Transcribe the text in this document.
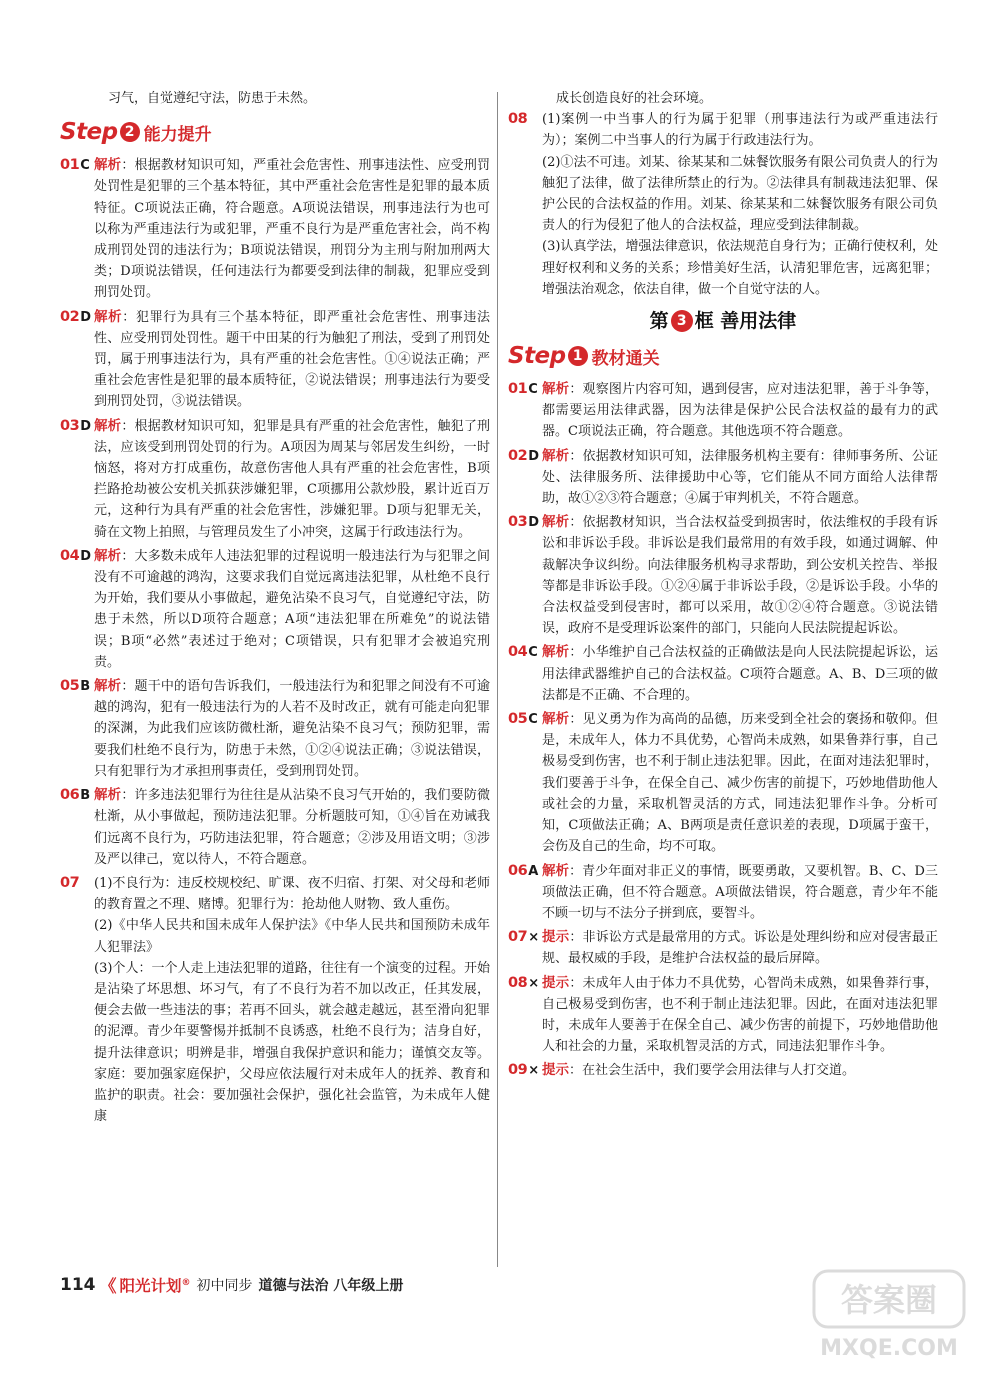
习气，自觉遵纪守法，防患于未然。

Step 2 能力提升
01C 解析：根据教材知识可知，严重社会危害性、刑事违法性、应受刑罚处罚性是犯罪的三个基本特征，其中严重社会危害性是犯罪的最本质特征。C项说法正确，符合题意。A项说法错误，刑事违法行为也可以称为严重违法行为或犯罪，严重不良行为是严重危害社会，尚不构成刑罚处罚的违法行为；B项说法错误，刑罚分为主刑与附加刑两大类；D项说法错误，任何违法行为都要受到法律的制裁，犯罪应受到刑罚处罚。
02D 解析：犯罪行为具有三个基本特征，即严重社会危害性、刑事违法性、应受刑罚处罚性。题干中田某的行为触犯了刑法，受到了刑罚处罚，属于刑事违法行为，具有严重的社会危害性。①④说法正确；严重社会危害性是犯罪的最本质特征，②说法错误；刑事违法行为要受到刑罚处罚，③说法错误。
03D 解析：根据教材知识可知，犯罪是具有严重的社会危害性，触犯了刑法，应该受到刑罚处罚的行为。A项因为周某与邻居发生纠纷，一时恼怒，将对方打成重伤，故意伤害他人具有严重的社会危害性，B项拦路抢劫被公安机关抓获涉嫌犯罪，C项挪用公款炒股，累计近百万元，这种行为具有严重的社会危害性，涉嫌犯罪。D项与犯罪无关，骑在文物上拍照，与管理员发生了小冲突，这属于行政违法行为。
04D 解析：大多数未成年人违法犯罪的过程说明一般违法行为与犯罪之间没有不可逾越的鸿沟，这要求我们自觉远离违法犯罪，从杜绝不良行为开始，我们要从小事做起，避免沾染不良习气，自觉遵纪守法，防患于未然，所以D项符合题意；A项“违法犯罪在所难免”的说法错误；B项“必然”表述过于绝对；C项错误，只有犯罪才会被追究刑责。
05B 解析：题干中的语句告诉我们，一般违法行为和犯罪之间没有不可逾越的鸿沟，犯有一般违法行为的人若不及时改正，就有可能走向犯罪的深渊，为此我们应该防微杜渐，避免沾染不良习气；预防犯罪，需要我们杜绝不良行为，防患于未然，①②④说法正确；③说法错误，只有犯罪行为才承担刑事责任，受到刑罚处罚。
06B 解析：许多违法犯罪行为往往是从沾染不良习气开始的，我们要防微杜渐，从小事做起，预防违法犯罪。分析题肢可知，①④旨在劝诫我们远离不良行为，巧防违法犯罪，符合题意；②涉及用语文明；③涉及严以律己，宽以待人，不符合题意。
07 (1)不良行为：违反校规校纪、旷课、夜不归宿、打架、对父母和老师的教育置之不理、赌博。犯罪行为：抢劫他人财物、致人重伤。

(2)《中华人民共和国未成年人保护法》《中华人民共和国预防未成年人犯罪法》

(3)个人：一个人走上违法犯罪的道路，往往有一个演变的过程。开始是沾染了坏思想、坏习气，有了不良行为若不加以改正，任其发展，便会去做一些违法的事；若再不回头，就会越走越远，甚至滑向犯罪的泥潭。青少年要警惕并抵制不良诱惑，杜绝不良行为；洁身自好，提升法律意识；明辨是非，增强自我保护意识和能力；谨慎交友等。家庭：要加强家庭保护，父母应依法履行对未成年人的抚养、教育和监护的职责。社会：要加强社会保护，强化社会监管，为未成年人健康

成长创造良好的社会环境。

08 (1)案例一中当事人的行为属于犯罪（刑事违法行为或严重违法行为）；案例二中当事人的行为属于行政违法行为。

(2)①法不可违。刘某、徐某某和二妹餐饮服务有限公司负责人的行为触犯了法律，做了法律所禁止的行为。②法律具有制裁违法犯罪、保护公民的合法权益的作用。刘某、徐某某和二妹餐饮服务有限公司负责人的行为侵犯了他人的合法权益，理应受到法律制裁。

(3)认真学法，增强法律意识，依法规范自身行为；正确行使权利，处理好权利和义务的关系；珍惜美好生活，认清犯罪危害，远离犯罪；增强法治观念，依法自律，做一个自觉守法的人。

第 3 框 善用法律
Step 1 教材通关
01C 解析：观察图片内容可知，遇到侵害，应对违法犯罪，善于斗争等，都需要运用法律武器，因为法律是保护公民合法权益的最有力的武器。C项说法正确，符合题意。其他选项不符合题意。
02D 解析：依据教材知识可知，法律服务机构主要有：律师事务所、公证处、法律服务所、法律援助中心等，它们能从不同方面给人法律帮助，故①②③符合题意；④属于审判机关，不符合题意。
03D 解析：依据教材知识，当合法权益受到损害时，依法维权的手段有诉讼和非诉讼手段。非诉讼是我们最常用的有效手段，如通过调解、仲裁解决争议纠纷。向法律服务机构寻求帮助，到公安机关控告、举报等都是非诉讼手段。①②④属于非诉讼手段，②是诉讼手段。小华的合法权益受到侵害时，都可以采用，故①②④符合题意。③说法错误，政府不是受理诉讼案件的部门，只能向人民法院提起诉讼。
04C 解析：小华维护自己合法权益的正确做法是向人民法院提起诉讼，运用法律武器维护自己的合法权益。C项符合题意。A、B、D三项的做法都是不正确、不合理的。
05C 解析：见义勇为作为高尚的品德，历来受到全社会的褒扬和敬仰。但是，未成年人，体力不具优势，心智尚未成熟，如果鲁莽行事，自己极易受到伤害，也不利于制止违法犯罪。因此，在面对违法犯罪时，我们要善于斗争，在保全自己、减少伤害的前提下，巧妙地借助他人或社会的力量，采取机智灵活的方式，同违法犯罪作斗争。分析可知，C项做法正确；A、B两项是责任意识差的表现，D项属于蛮干，会伤及自己的生命，均不可取。
06A 解析：青少年面对非正义的事情，既要勇敢，又要机智。B、C、D三项做法正确，但不符合题意。A项做法错误，符合题意，青少年不能不顾一切与不法分子拼到底，要智斗。
07× 提示：非诉讼方式是最常用的方式。诉讼是处理纠纷和应对侵害最正规、最权威的手段，是维护合法权益的最后屏障。
08× 提示：未成年人由于体力不具优势，心智尚未成熟，如果鲁莽行事，自己极易受到伤害，也不利于制止违法犯罪。因此，在面对违法犯罪时，未成年人要善于在保全自己、减少伤害的前提下，巧妙地借助他人和社会的力量，采取机智灵活的方式，同违法犯罪作斗争。
09× 提示：在社会生活中，我们要学会用法律与人打交道。
114 《 阳光计划® 初中同步 道德与法治 八年级上册	答案圈
MXQE.COM
